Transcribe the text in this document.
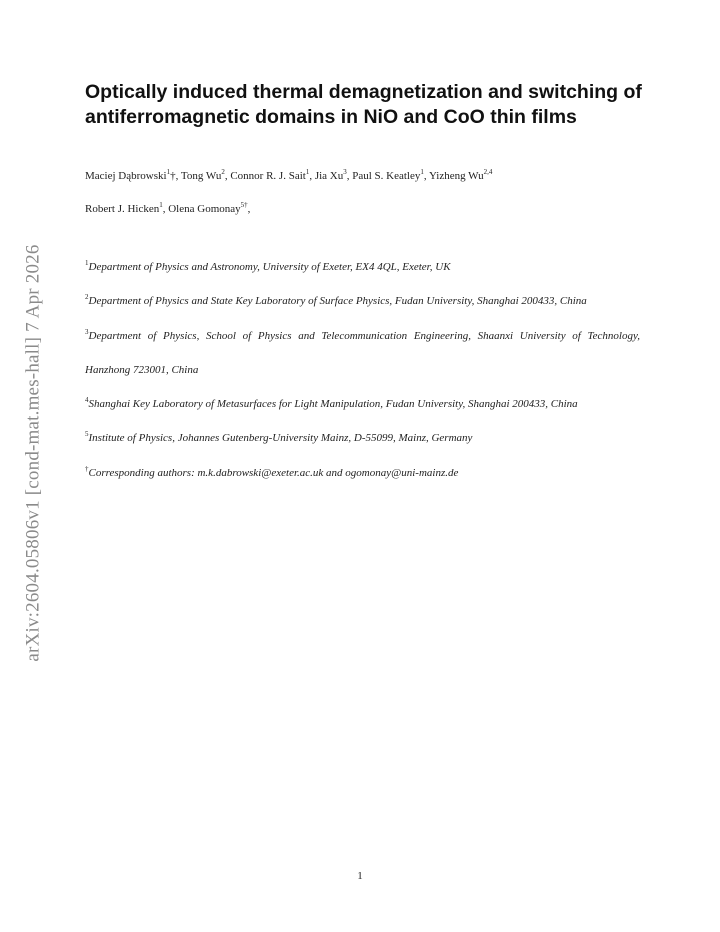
arXiv:2604.05806v1 [cond-mat.mes-hall] 7 Apr 2026
Optically induced thermal demagnetization and switching of antiferromagnetic domains in NiO and CoO thin films
Maciej Dąbrowski$^1$†, Tong Wu$^2$, Connor R. J. Sait$^1$, Jia Xu$^3$, Paul S. Keatley$^1$, Yizheng Wu$^{2,4}$
Robert J. Hicken$^1$, Olena Gomonay$^{5\dagger}$,
$^1$Department of Physics and Astronomy, University of Exeter, EX4 4QL, Exeter, UK
$^2$Department of Physics and State Key Laboratory of Surface Physics, Fudan University, Shanghai 200433, China
$^3$Department of Physics, School of Physics and Telecommunication Engineering, Shaanxi University of Technology, Hanzhong 723001, China
$^4$Shanghai Key Laboratory of Metasurfaces for Light Manipulation, Fudan University, Shanghai 200433, China
$^5$Institute of Physics, Johannes Gutenberg-University Mainz, D-55099, Mainz, Germany
†Corresponding authors: m.k.dabrowski@exeter.ac.uk and ogomonay@uni-mainz.de
1
